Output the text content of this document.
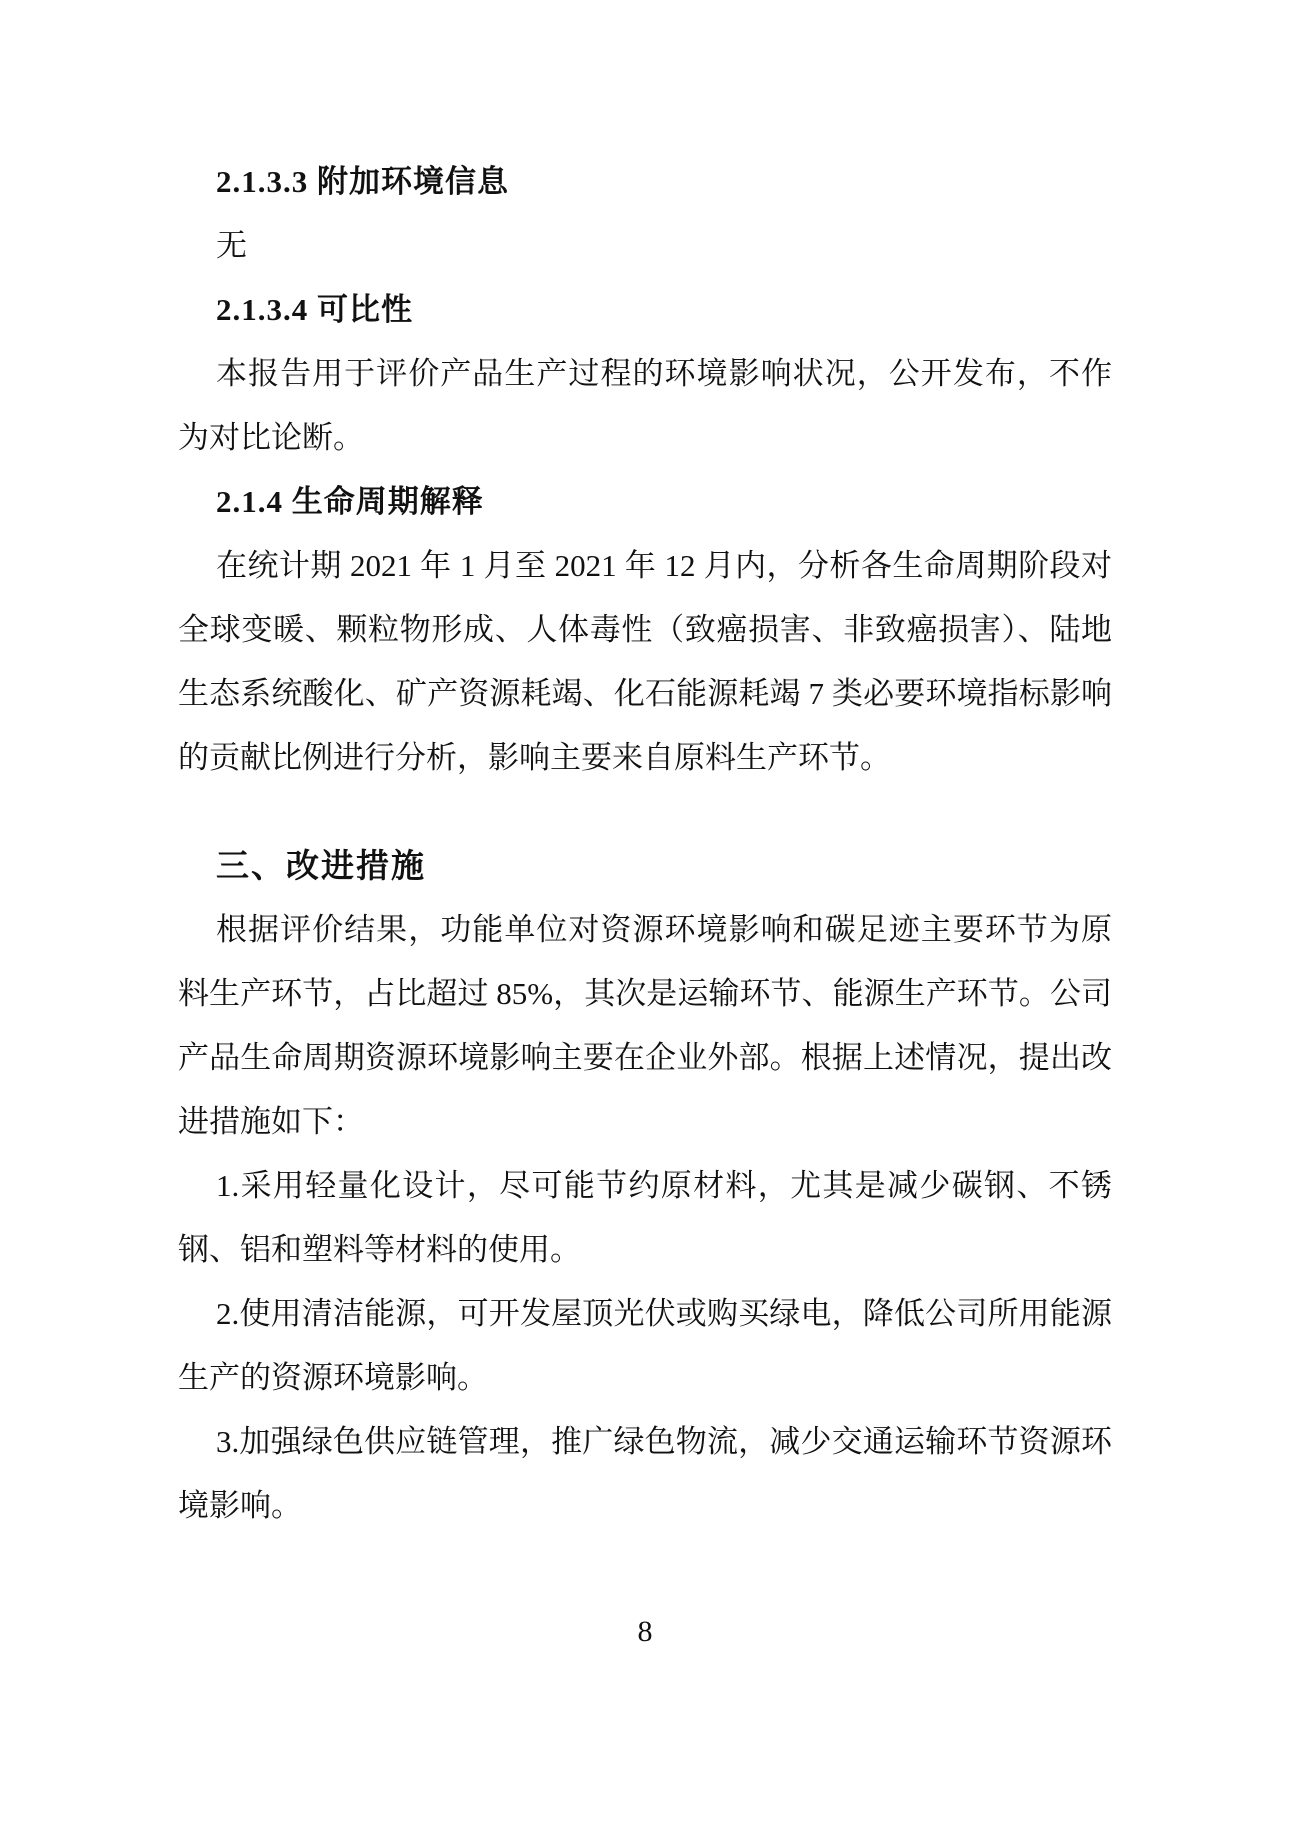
2.1.3.3 附加环境信息

无

2.1.3.4 可比性

本报告用于评价产品生产过程的环境影响状况，公开发布，不作为对比论断。

2.1.4 生命周期解释

在统计期 2021 年 1 月至 2021 年 12 月内，分析各生命周期阶段对全球变暖、颗粒物形成、人体毒性（致癌损害、非致癌损害）、陆地生态系统酸化、矿产资源耗竭、化石能源耗竭 7 类必要环境指标影响的贡献比例进行分析，影响主要来自原料生产环节。

三、改进措施

根据评价结果，功能单位对资源环境影响和碳足迹主要环节为原料生产环节，占比超过 85%，其次是运输环节、能源生产环节。公司产品生命周期资源环境影响主要在企业外部。根据上述情况，提出改进措施如下：

1.采用轻量化设计，尽可能节约原材料，尤其是减少碳钢、不锈钢、铝和塑料等材料的使用。

2.使用清洁能源，可开发屋顶光伏或购买绿电，降低公司所用能源生产的资源环境影响。

3.加强绿色供应链管理，推广绿色物流，减少交通运输环节资源环境影响。

8
